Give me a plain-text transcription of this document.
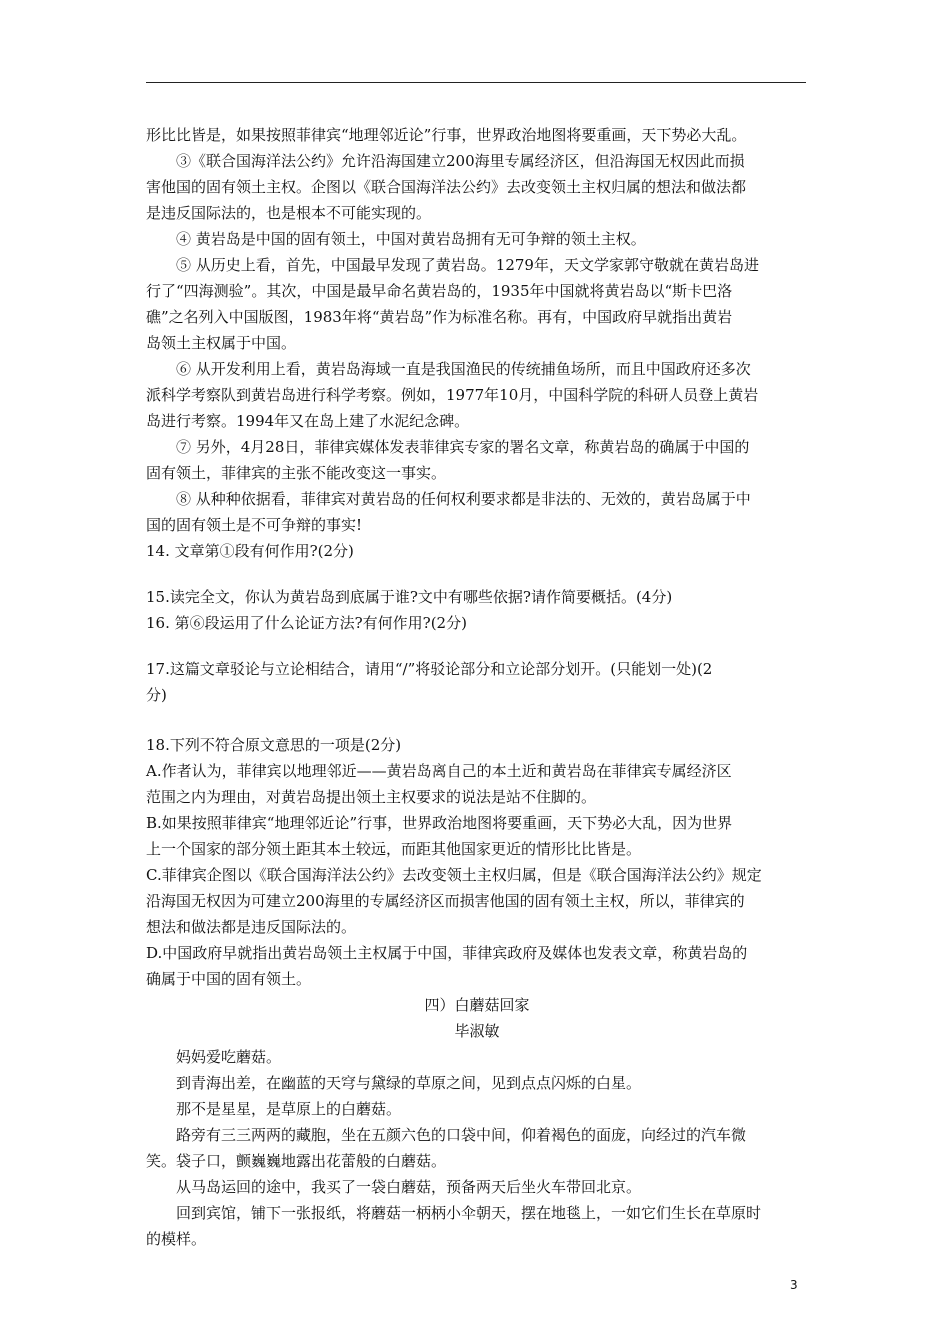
形比比皆是，如果按照菲律宾“地理邻近论”行事，世界政治地图将要重画，天下势必大乱。
③《联合国海洋法公约》允许沿海国建立200海里专属经济区，但沿海国无权因此而损
害他国的固有领土主权。企图以《联合国海洋法公约》去改变领土主权归属的想法和做法都
是违反国际法的，也是根本不可能实现的。
④ 黄岩岛是中国的固有领土，中国对黄岩岛拥有无可争辩的领土主权。
⑤ 从历史上看，首先，中国最早发现了黄岩岛。1279年，天文学家郭守敬就在黄岩岛进
行了“四海测验”。其次，中国是最早命名黄岩岛的，1935年中国就将黄岩岛以“斯卡巴洛
礁”之名列入中国版图，1983年将“黄岩岛”作为标准名称。再有，中国政府早就指出黄岩
岛领土主权属于中国。
⑥ 从开发利用上看，黄岩岛海域一直是我国渔民的传统捕鱼场所，而且中国政府还多次
派科学考察队到黄岩岛进行科学考察。例如，1977年10月，中国科学院的科研人员登上黄岩
岛进行考察。1994年又在岛上建了水泥纪念碑。
⑦ 另外，4月28日，菲律宾媒体发表菲律宾专家的署名文章，称黄岩岛的确属于中国的
固有领土，菲律宾的主张不能改变这一事实。
⑧ 从种种依据看，菲律宾对黄岩岛的任何权利要求都是非法的、无效的，黄岩岛属于中
国的固有领土是不可争辩的事实!
14. 文章第①段有何作用?(2分)
15.读完全文，你认为黄岩岛到底属于谁?文中有哪些依据?请作简要概括。(4分)
16. 第⑥段运用了什么论证方法?有何作用?(2分)
17.这篇文章驳论与立论相结合，请用“/”将驳论部分和立论部分划开。(只能划一处)(2
分)
18.下列不符合原文意思的一项是(2分)
A.作者认为，菲律宾以地理邻近——黄岩岛离自己的本土近和黄岩岛在菲律宾专属经济区
范围之内为理由，对黄岩岛提出领土主权要求的说法是站不住脚的。
B.如果按照菲律宾“地理邻近论”行事，世界政治地图将要重画，天下势必大乱，因为世界
上一个国家的部分领土距其本土较远，而距其他国家更近的情形比比皆是。
C.菲律宾企图以《联合国海洋法公约》去改变领土主权归属，但是《联合国海洋法公约》规定
沿海国无权因为可建立200海里的专属经济区而损害他国的固有领土主权，所以，菲律宾的
想法和做法都是违反国际法的。
D.中国政府早就指出黄岩岛领土主权属于中国，菲律宾政府及媒体也发表文章，称黄岩岛的
确属于中国的固有领土。
四）白蘑菇回家
毕淑敏
妈妈爱吃蘑菇。
到青海出差，在幽蓝的天穹与黛绿的草原之间，见到点点闪烁的白星。
那不是星星，是草原上的白蘑菇。
路旁有三三两两的藏胞，坐在五颜六色的口袋中间，仰着褐色的面庞，向经过的汽车微
笑。袋子口，颤巍巍地露出花蕾般的白蘑菇。
从马岛运回的途中，我买了一袋白蘑菇，预备两天后坐火车带回北京。
回到宾馆，铺下一张报纸，将蘑菇一柄柄小伞朝天，摆在地毯上，一如它们生长在草原时
的模样。
3
